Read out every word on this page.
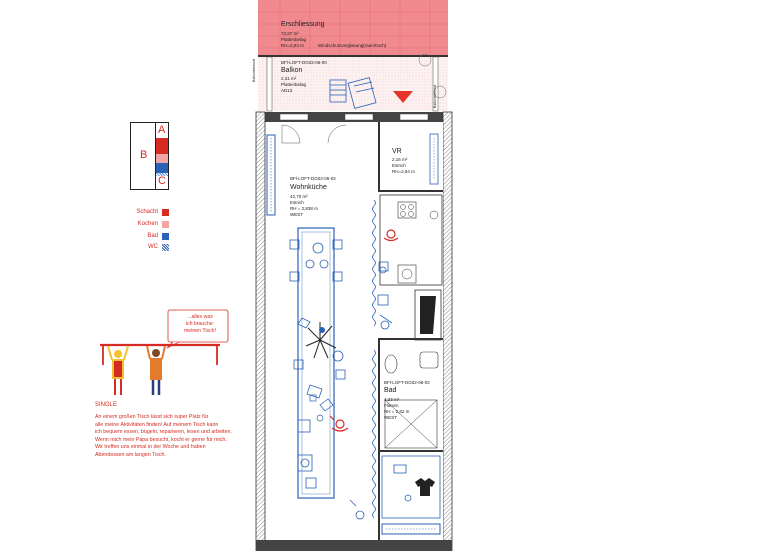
A
B
C
Schacht
Kochen
Bad
WC
...alles was
ich brauche:
meinen Tisch!
SINGLE
An einem großen Tisch lässt sich super Platz für
alle meine Aktivitäten finden! Auf meinem Tisch kann
ich bequem essen, bügeln, reparieren, lesen und arbeiten.
Wenn mich mein Papa besucht, kocht er gerne für mich.
Wir treffen uns einmal in der Woche und haben
Abendessen am langen Tisch.
Erschliessung
72,87 m²
Plattenbelag
RH=2,84 m	Windschutzverglasung(raumhoch)
BFl-LOFT-DG02-06-00
Balkon
2,31 m²
Plattenbelag
AD13
Balkonelement
Balkonelement
BFl-LOFT-DG02-06-02
Wohnküche
42,70 m²
Estrich
RH = 2,838 m
WEST
VR
2,16 m²
Estrich
RH=2,84 m
BFl-LOFT-DG02-06-02
Bad
4,23 m²
Fliesen
RH = 2,82 m
WEST
